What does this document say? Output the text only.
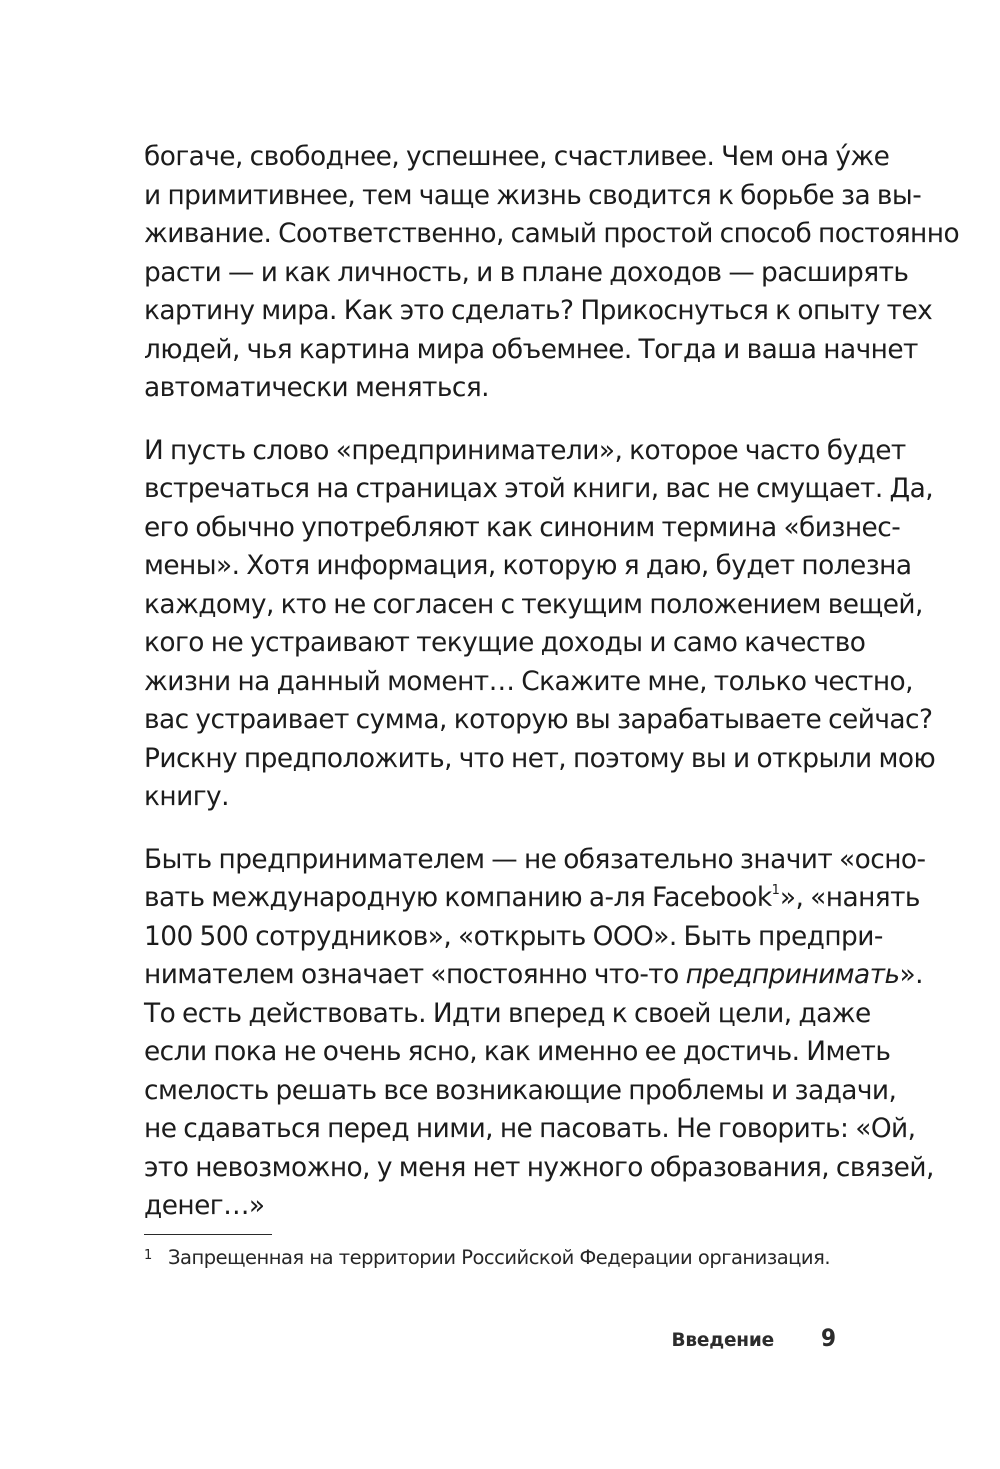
богаче, свободнее, успешнее, счастливее. Чем она у́же
и примитивнее, тем чаще жизнь сводится к борьбе за вы-
живание. Соответственно, самый простой способ постоянно
расти — и как личность, и в плане доходов — расширять
картину мира. Как это сделать? Прикоснуться к опыту тех
людей, чья картина мира объемнее. Тогда и ваша начнет
автоматически меняться.
И пусть слово «предприниматели», которое часто будет
встречаться на страницах этой книги, вас не смущает. Да,
его обычно употребляют как синоним термина «бизнес-
мены». Хотя информация, которую я даю, будет полезна
каждому, кто не согласен с текущим положением вещей,
кого не устраивают текущие доходы и само качество
жизни на данный момент… Скажите мне, только честно,
вас устраивает сумма, которую вы зарабатываете сейчас?
Рискну предположить, что нет, поэтому вы и открыли мою
книгу.
Быть предпринимателем — не обязательно значит «осно-
вать международную компанию а-ля Facebook$^1$», «нанять
100 500 сотрудников», «открыть ООО». Быть предпри-
нимателем означает «постоянно что-то предпринимать».
То есть действовать. Идти вперед к своей цели, даже
если пока не очень ясно, как именно ее достичь. Иметь
смелость решать все возникающие проблемы и задачи,
не сдаваться перед ними, не пасовать. Не говорить: «Ой,
это невозможно, у меня нет нужного образования, связей,
денег…»
1 Запрещенная на территории Российской Федерации организация.
Введение 9
